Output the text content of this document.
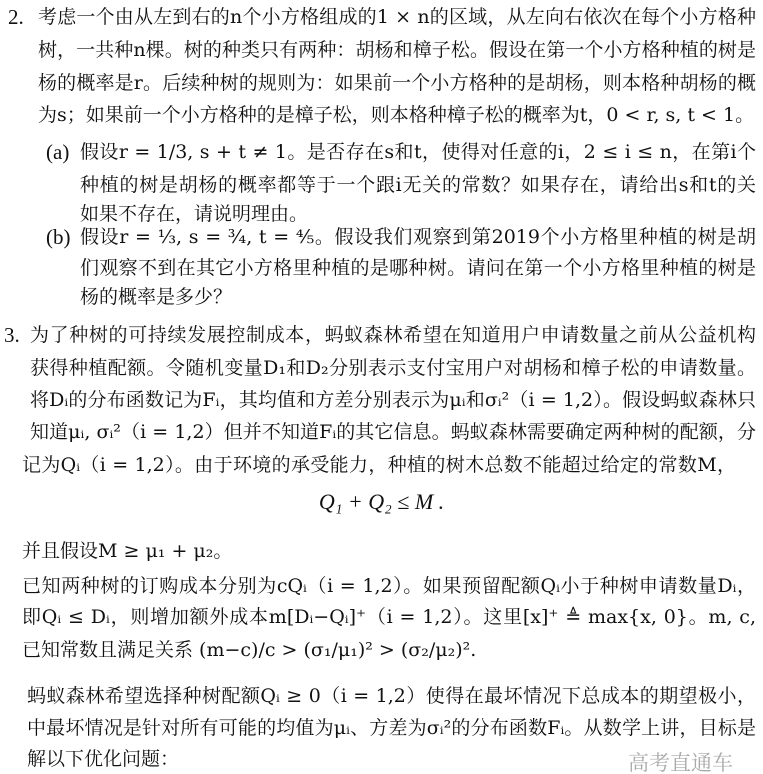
2. 考虑一个由从左到右的n个小方格组成的1 × n的区域，从左向右依次在每个小方格种
树，一共种n棵。树的种类只有两种：胡杨和樟子松。假设在第一个小方格种植的树是
杨的概率是r。后续种树的规则为：如果前一个小方格种的是胡杨，则本格种胡杨的概
为s；如果前一个小方格种的是樟子松，则本格种樟子松的概率为t，0 < r, s, t < 1。
(a) 假设r = 1/3, s + t ≠ 1。是否存在s和t，使得对任意的i，2 ≤ i ≤ n，在第i个
种植的树是胡杨的概率都等于一个跟i无关的常数？如果存在，请给出s和t的关
如果不存在，请说明理由。
(b) 假设r = ⅓, s = ¾, t = ⅘。假设我们观察到第2019个小方格里种植的树是胡
们观察不到在其它小方格里种植的是哪种树。请问在第一个小方格里种植的树是
杨的概率是多少？
3. 为了种树的可持续发展控制成本，蚂蚁森林希望在知道用户申请数量之前从公益机构
获得种植配额。令随机变量D₁和D₂分别表示支付宝用户对胡杨和樟子松的申请数量。
将Dᵢ的分布函数记为Fᵢ，其均值和方差分别表示为μᵢ和σᵢ²（i = 1,2）。假设蚂蚁森林只
知道μᵢ, σᵢ²（i = 1,2）但并不知道Fᵢ的其它信息。蚂蚁森林需要确定两种树的配额，分
记为Qᵢ（i = 1,2）。由于环境的承受能力，种植的树木总数不能超过给定的常数M，
Q₁ + Q₂ ≤ M .
并且假设M ≥ μ₁ + μ₂。
已知两种树的订购成本分别为cQᵢ（i = 1,2）。如果预留配额Qᵢ小于种树申请数量Dᵢ，
即Qᵢ ≤ Dᵢ，则增加额外成本m[Dᵢ−Qᵢ]⁺（i = 1,2）。这里[x]⁺ ≜ max{x, 0}。m, c,
已知常数且满足关系 (m−c)/c > (σ₁/μ₁)² > (σ₂/μ₂)².
蚂蚁森林希望选择种树配额Qᵢ ≥ 0（i = 1,2）使得在最坏情况下总成本的期望极小，
中最坏情况是针对所有可能的均值为μᵢ、方差为σᵢ²的分布函数Fᵢ。从数学上讲，目标是
解以下优化问题：	高考直通车
